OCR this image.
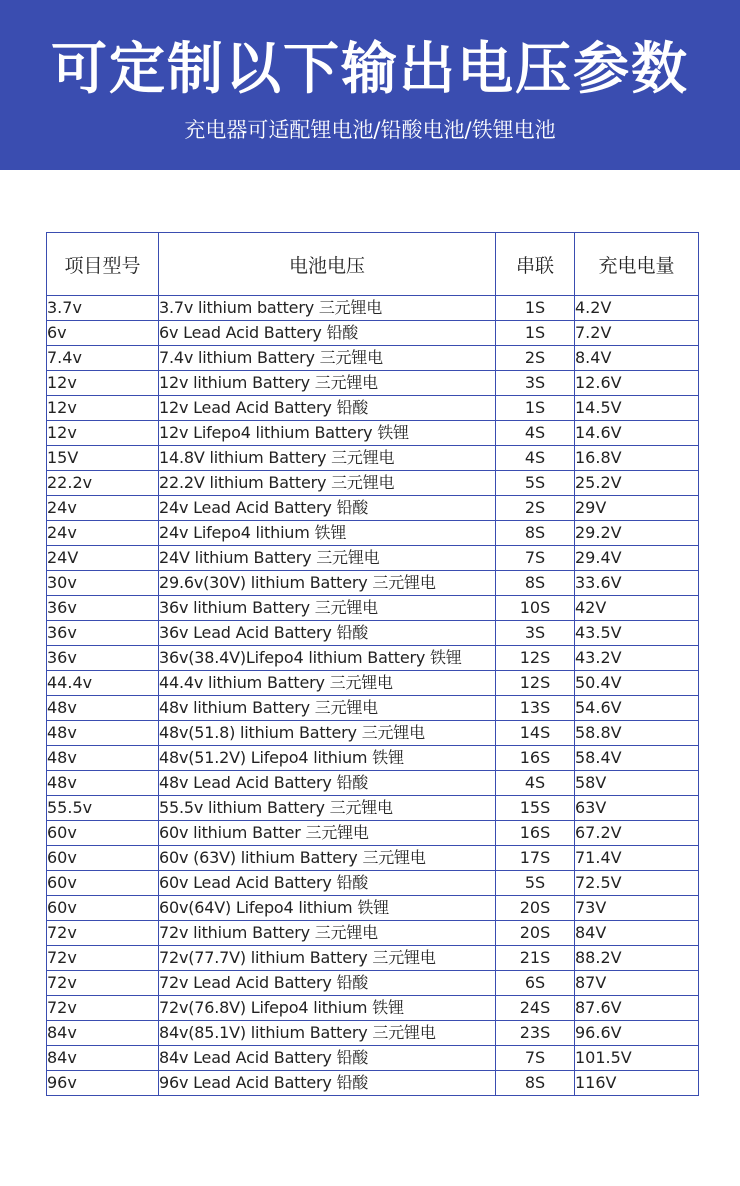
可定制以下输出电压参数
充电器可适配锂电池/铅酸电池/铁锂电池
项目型号	电池电压	串联	充电电量
3.7v	3.7v lithium battery 三元锂电	1S	4.2V
6v	6v Lead Acid Battery 铅酸	1S	7.2V
7.4v	7.4v lithium Battery 三元锂电	2S	8.4V
12v	12v lithium Battery 三元锂电	3S	12.6V
12v	12v Lead Acid Battery 铅酸	1S	14.5V
12v	12v Lifepo4 lithium Battery 铁锂	4S	14.6V
15V	14.8V lithium Battery 三元锂电	4S	16.8V
22.2v	22.2V lithium Battery 三元锂电	5S	25.2V
24v	24v Lead Acid Battery 铅酸	2S	29V
24v	24v Lifepo4 lithium 铁锂	8S	29.2V
24V	24V lithium Battery 三元锂电	7S	29.4V
30v	29.6v(30V) lithium Battery 三元锂电	8S	33.6V
36v	36v lithium Battery 三元锂电	10S	42V
36v	36v Lead Acid Battery 铅酸	3S	43.5V
36v	36v(38.4V)Lifepo4 lithium Battery 铁锂	12S	43.2V
44.4v	44.4v lithium Battery 三元锂电	12S	50.4V
48v	48v lithium Battery 三元锂电	13S	54.6V
48v	48v(51.8) lithium Battery 三元锂电	14S	58.8V
48v	48v(51.2V) Lifepo4 lithium 铁锂	16S	58.4V
48v	48v Lead Acid Battery 铅酸	4S	58V
55.5v	55.5v lithium Battery 三元锂电	15S	63V
60v	60v lithium Batter 三元锂电	16S	67.2V
60v	60v (63V) lithium Battery 三元锂电	17S	71.4V
60v	60v Lead Acid Battery 铅酸	5S	72.5V
60v	60v(64V) Lifepo4 lithium 铁锂	20S	73V
72v	72v lithium Battery 三元锂电	20S	84V
72v	72v(77.7V) lithium Battery 三元锂电	21S	88.2V
72v	72v Lead Acid Battery 铅酸	6S	87V
72v	72v(76.8V) Lifepo4 lithium 铁锂	24S	87.6V
84v	84v(85.1V) lithium Battery 三元锂电	23S	96.6V
84v	84v Lead Acid Battery 铅酸	7S	101.5V
96v	96v Lead Acid Battery 铅酸	8S	116V
